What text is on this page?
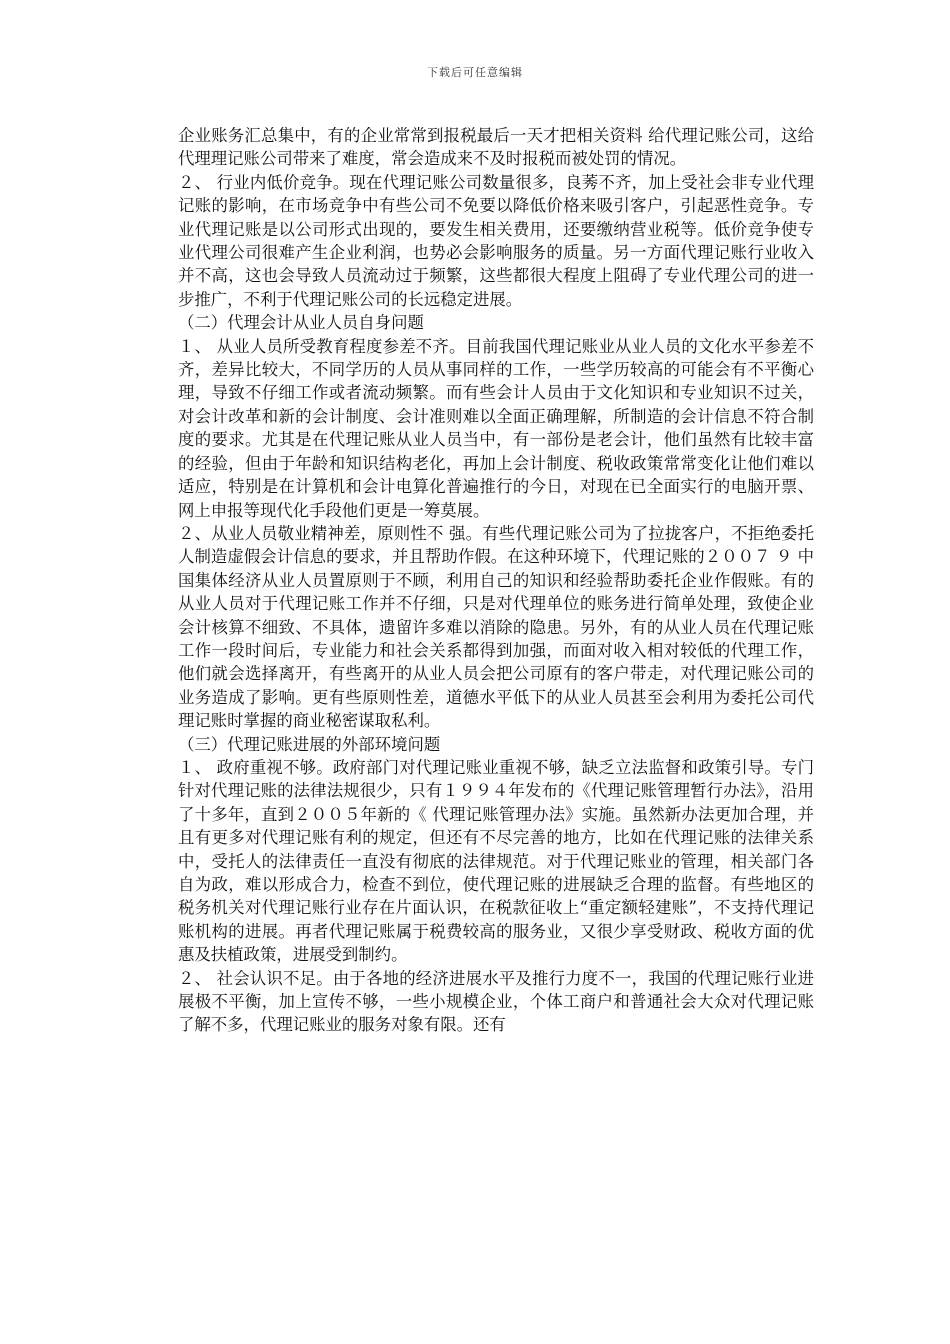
下载后可任意编辑

企业账务汇总集中，有的企业常常到报税最后一天才把相关资料 给代理记账公司，这给代理理记账公司带来了难度，常会造成来不及时报税而被处罚的情况。

２、 行业内低价竞争。现在代理记账公司数量很多，良莠不齐，加上受社会非专业代理记账的影响，在市场竞争中有些公司不免要以降低价格来吸引客户，引起恶性竞争。专业代理记账是以公司形式出现的，要发生相关费用，还要缴纳营业税等。低价竞争使专业代理公司很难产生企业利润，也势必会影响服务的质量。另一方面代理记账行业收入并不高，这也会导致人员流动过于频繁，这些都很大程度上阻碍了专业代理公司的进一步推广，不利于代理记账公司的长远稳定进展。

（二）代理会计从业人员自身问题

１、 从业人员所受教育程度参差不齐。目前我国代理记账业从业人员的文化水平参差不齐，差异比较大，不同学历的人员从事同样的工作，一些学历较高的可能会有不平衡心理，导致不仔细工作或者流动频繁。而有些会计人员由于文化知识和专业知识不过关，对会计改革和新的会计制度、会计准则难以全面正确理解，所制造的会计信息不符合制度的要求。尤其是在代理记账从业人员当中，有一部份是老会计，他们虽然有比较丰富的经验，但由于年龄和知识结构老化，再加上会计制度、税收政策常常变化让他们难以适应，特别是在计算机和会计电算化普遍推行的今日，对现在已全面实行的电脑开票、网上申报等现代化手段他们更是一筹莫展。

２、从业人员敬业精神差，原则性不 强。有些代理记账公司为了拉拢客户，不拒绝委托人制造虚假会计信息的要求，并且帮助作假。在这种环境下，代理记账的２００７ ９ 中国集体经济从业人员置原则于不顾，利用自己的知识和经验帮助委托企业作假账。有的从业人员对于代理记账工作并不仔细，只是对代理单位的账务进行简单处理，致使企业会计核算不细致、不具体，遗留许多难以消除的隐患。另外，有的从业人员在代理记账工作一段时间后，专业能力和社会关系都得到加强，而面对收入相对较低的代理工作，他们就会选择离开，有些离开的从业人员会把公司原有的客户带走，对代理记账公司的业务造成了影响。更有些原则性差，道德水平低下的从业人员甚至会利用为委托公司代理记账时掌握的商业秘密谋取私利。

（三）代理记账进展的外部环境问题

１、 政府重视不够。政府部门对代理记账业重视不够，缺乏立法监督和政策引导。专门针对代理记账的法律法规很少，只有１９９４年发布的《代理记账管理暂行办法》，沿用了十多年，直到２００５年新的《 代理记账管理办法》实施。虽然新办法更加合理，并且有更多对代理记账有利的规定，但还有不尽完善的地方，比如在代理记账的法律关系中，受托人的法律责任一直没有彻底的法律规范。对于代理记账业的管理，相关部门各自为政，难以形成合力，检查不到位，使代理记账的进展缺乏合理的监督。有些地区的税务机关对代理记账行业存在片面认识，在税款征收上“重定额轻建账”，不支持代理记账机构的进展。再者代理记账属于税费较高的服务业，又很少享受财政、税收方面的优惠及扶植政策，进展受到制约。

２、 社会认识不足。由于各地的经济进展水平及推行力度不一，我国的代理记账行业进展极不平衡，加上宣传不够，一些小规模企业，个体工商户和普通社会大众对代理记账了解不多，代理记账业的服务对象有限。还有
